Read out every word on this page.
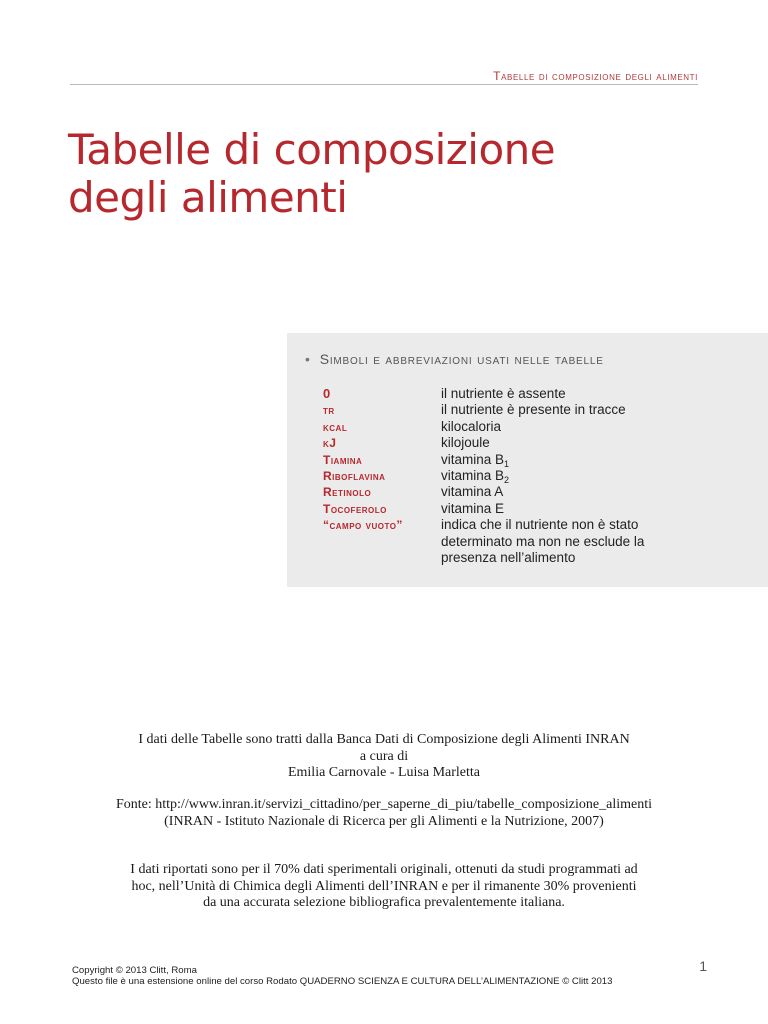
Tabelle di composizione degli alimenti
Tabelle di composizione
degli alimenti
• Simboli e abbreviazioni usati nelle tabelle
0	il nutriente è assente
tr	il nutriente è presente in tracce
kcal	kilocaloria
kJ	kilojoule
Tiamina	vitamina $B_1$
Riboflavina	vitamina $B_2$
Retinolo	vitamina A
Tocoferolo	vitamina E
“campo vuoto”	indica che il nutriente non è stato determinato ma non ne esclude la presenza nell’alimento
I dati delle Tabelle sono tratti dalla Banca Dati di Composizione degli Alimenti INRAN
a cura di
Emilia Carnovale - Luisa Marletta
Fonte: http://www.inran.it/servizi_cittadino/per_saperne_di_piu/tabelle_composizione_alimenti
(INRAN - Istituto Nazionale di Ricerca per gli Alimenti e la Nutrizione, 2007)
I dati riportati sono per il 70% dati sperimentali originali, ottenuti da studi programmati ad
hoc, nell’Unità di Chimica degli Alimenti dell’INRAN e per il rimanente 30% provenienti
da una accurata selezione bibliografica prevalentemente italiana.
Copyright © 2013 Clitt, Roma
Questo file è una estensione online del corso Rodato QUADERNO SCIENZA E CULTURA DELL’ALIMENTAZIONE © Clitt 2013
1
